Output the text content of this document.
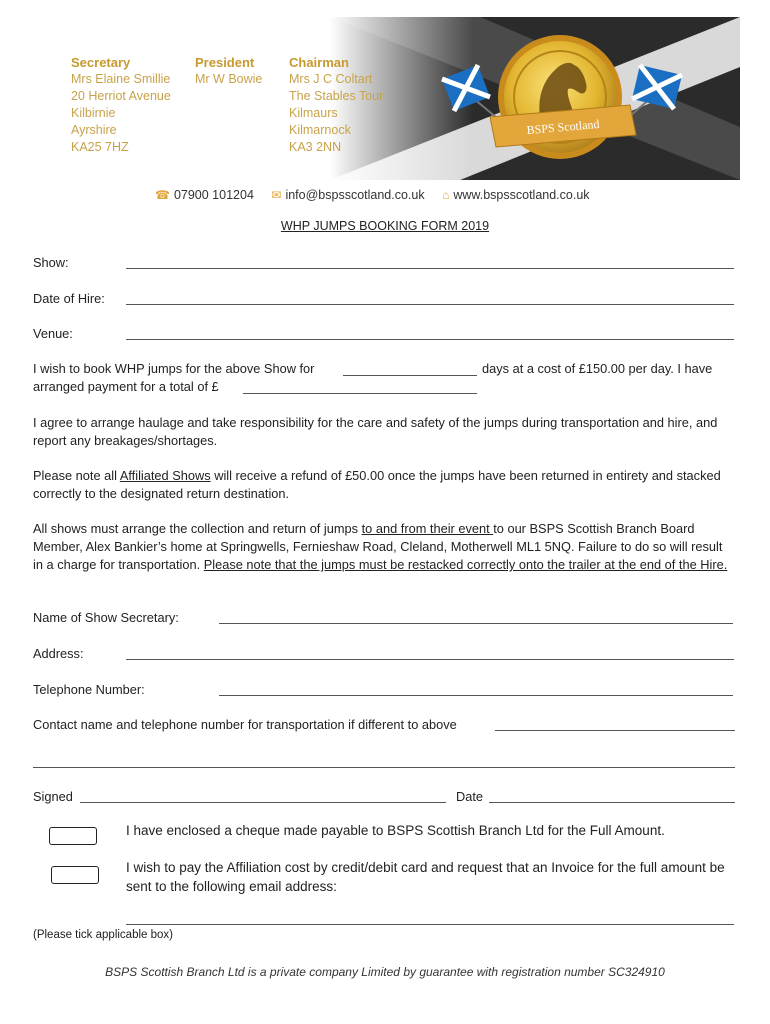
Secretary
Mrs Elaine Smillie
20 Herriot Avenue
Kilbirnie
Ayrshire
KA25 7HZ
President
Mr W Bowie
Chairman
Mrs J C Coltart
The Stables Tour
Kilmaurs
Kilmarnock
KA3 2NN
BSPS Scotland
☎ 07900 101204 ✉ info@bspsscotland.co.uk ⌂ www.bspsscotland.co.uk
WHP JUMPS BOOKING FORM 2019
Show:
Date of Hire:
Venue:
I wish to book WHP jumps for the above Show for	days at a cost of £150.00 per day. I have
arranged payment for a total of £
I agree to arrange haulage and take responsibility for the care and safety of the jumps during transportation and hire, and report any breakages/shortages.
Please note all Affiliated Shows will receive a refund of £50.00 once the jumps have been returned in entirety and stacked correctly to the designated return destination.
All shows must arrange the collection and return of jumps to and from their event to our BSPS Scottish Branch Board Member, Alex Bankier’s home at Springwells, Fernieshaw Road, Cleland, Motherwell ML1 5NQ. Failure to do so will result in a charge for transportation. Please note that the jumps must be restacked correctly onto the trailer at the end of the Hire.
Name of Show Secretary:
Address:
Telephone Number:
Contact name and telephone number for transportation if different to above
Signed	Date
I have enclosed a cheque made payable to BSPS Scottish Branch Ltd for the Full Amount.
I wish to pay the Affiliation cost by credit/debit card and request that an Invoice for the full amount be sent to the following email address:
(Please tick applicable box)
BSPS Scottish Branch Ltd is a private company Limited by guarantee with registration number SC324910
